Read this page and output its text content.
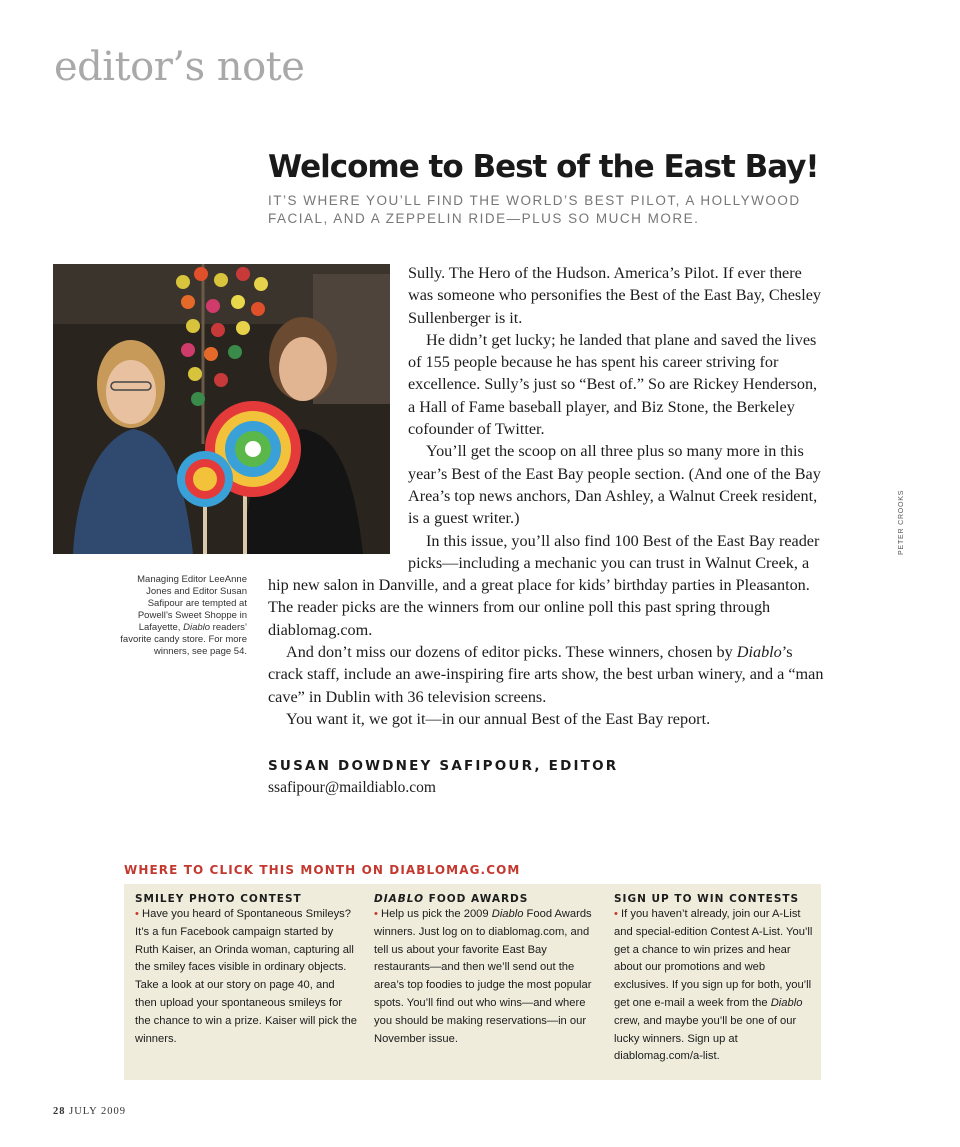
editor’s note
Welcome to Best of the East Bay!
IT’S WHERE YOU’LL FIND THE WORLD’S BEST PILOT, A HOLLYWOOD FACIAL, AND A ZEPPELIN RIDE—PLUS SO MUCH MORE.
Managing Editor LeeAnne Jones and Editor Susan Safipour are tempted at Powell’s Sweet Shoppe in Lafayette, Diablo readers’ favorite candy store. For more winners, see page 54.

Sully. The Hero of the Hudson. America’s Pilot. If ever there was someone who personifies the Best of the East Bay, Chesley Sullenberger is it.

He didn’t get lucky; he landed that plane and saved the lives of 155 people because he has spent his career striving for excellence. Sully’s just so “Best of.” So are Rickey Henderson, a Hall of Fame baseball player, and Biz Stone, the Berkeley cofounder of Twitter.

You’ll get the scoop on all three plus so many more in this year’s Best of the East Bay people section. (And one of the Bay Area’s top news anchors, Dan Ashley, a Walnut Creek resident, is a guest writer.)

In this issue, you’ll also find 100 Best of the East Bay reader picks—including a mechanic you can trust in Walnut Creek, a hip new salon in Danville, and a great place for kids’ birthday parties in Pleasanton. The reader picks are the winners from our online poll this past spring through diablomag.com.

And don’t miss our dozens of editor picks. These winners, chosen by Diablo’s crack staff, include an awe-inspiring fire arts show, the best urban winery, and a “man cave” in Dublin with 36 television screens.

You want it, we got it—in our annual Best of the East Bay report.

SUSAN DOWDNEY SAFIPOUR, EDITOR
ssafipour@maildiablo.com
PETER CROOKS
WHERE TO CLICK THIS MONTH ON DIABLOMAG.COM
SMILEY PHOTO CONTEST
• Have you heard of Spontaneous Smileys? It’s a fun Facebook campaign started by Ruth Kaiser, an Orinda woman, capturing all the smiley faces visible in ordinary objects. Take a look at our story on page 40, and then upload your spontaneous smileys for the chance to win a prize. Kaiser will pick the winners.
DIABLO FOOD AWARDS
• Help us pick the 2009 Diablo Food Awards winners. Just log on to diablomag.com, and tell us about your favorite East Bay restaurants—and then we’ll send out the area’s top foodies to judge the most popular spots. You’ll find out who wins—and where you should be making reservations—in our November issue.
SIGN UP TO WIN CONTESTS
• If you haven’t already, join our A-List and special-edition Contest A-List. You’ll get a chance to win prizes and hear about our promotions and web exclusives. If you sign up for both, you’ll get one e-mail a week from the Diablo crew, and maybe you’ll be one of our lucky winners. Sign up at diablomag.com/a-list.
28 JULY 2009
